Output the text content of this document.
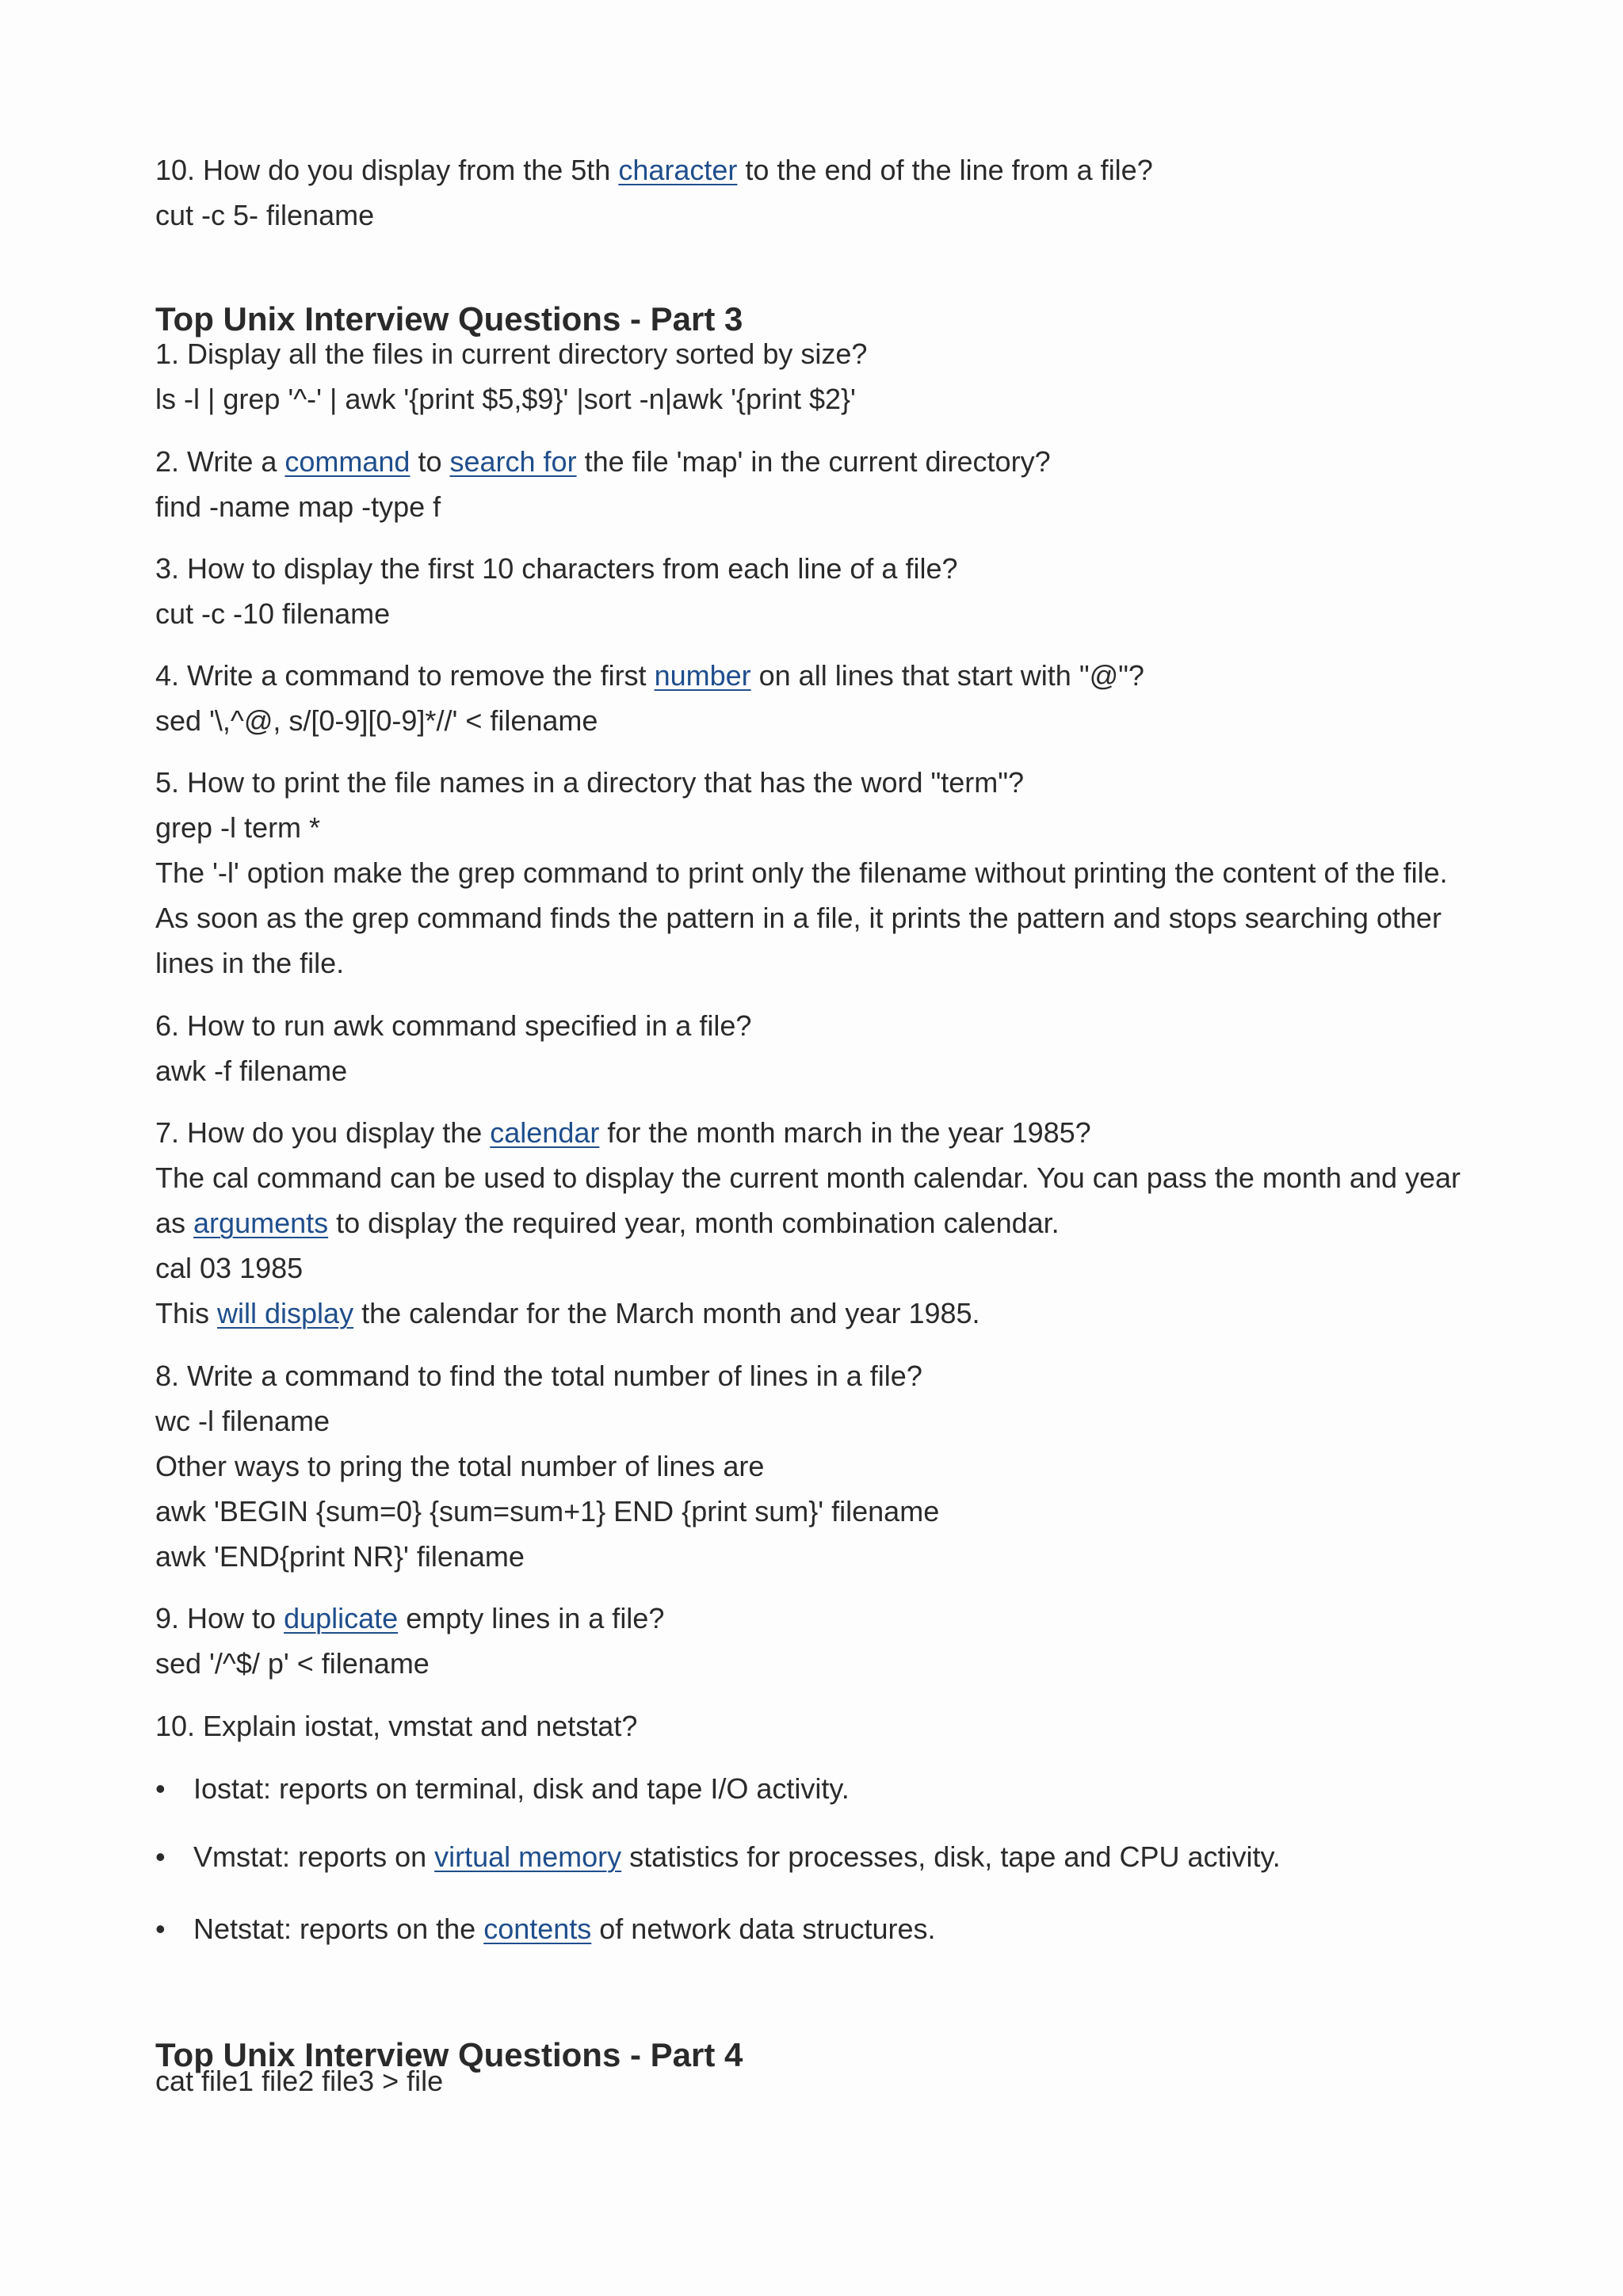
10. How do you display from the 5th character to the end of the line from a file?
cut -c 5- filename
Top Unix Interview Questions - Part 3
1. Display all the files in current directory sorted by size?
ls -l | grep '^-' | awk '{print $5,$9}' |sort -n|awk '{print $2}'
2. Write a command to search for the file 'map' in the current directory?
find -name map -type f
3. How to display the first 10 characters from each line of a file?
cut -c -10 filename
4. Write a command to remove the first number on all lines that start with "@"?
sed '\,^@, s/[0-9][0-9]*//' < filename
5. How to print the file names in a directory that has the word "term"?
grep -l term *
The '-l' option make the grep command to print only the filename without printing the content of the file.
As soon as the grep command finds the pattern in a file, it prints the pattern and stops searching other
lines in the file.
6. How to run awk command specified in a file?
awk -f filename
7. How do you display the calendar for the month march in the year 1985?
The cal command can be used to display the current month calendar. You can pass the month and year
as arguments to display the required year, month combination calendar.
cal 03 1985
This will display the calendar for the March month and year 1985.
8. Write a command to find the total number of lines in a file?
wc -l filename
Other ways to pring the total number of lines are
awk 'BEGIN {sum=0} {sum=sum+1} END {print sum}' filename
awk 'END{print NR}' filename
9. How to duplicate empty lines in a file?
sed '/^$/ p' < filename
10. Explain iostat, vmstat and netstat?
• Iostat: reports on terminal, disk and tape I/O activity.
• Vmstat: reports on virtual memory statistics for processes, disk, tape and CPU activity.
• Netstat: reports on the contents of network data structures.
Top Unix Interview Questions - Part 4
cat file1 file2 file3 > file
